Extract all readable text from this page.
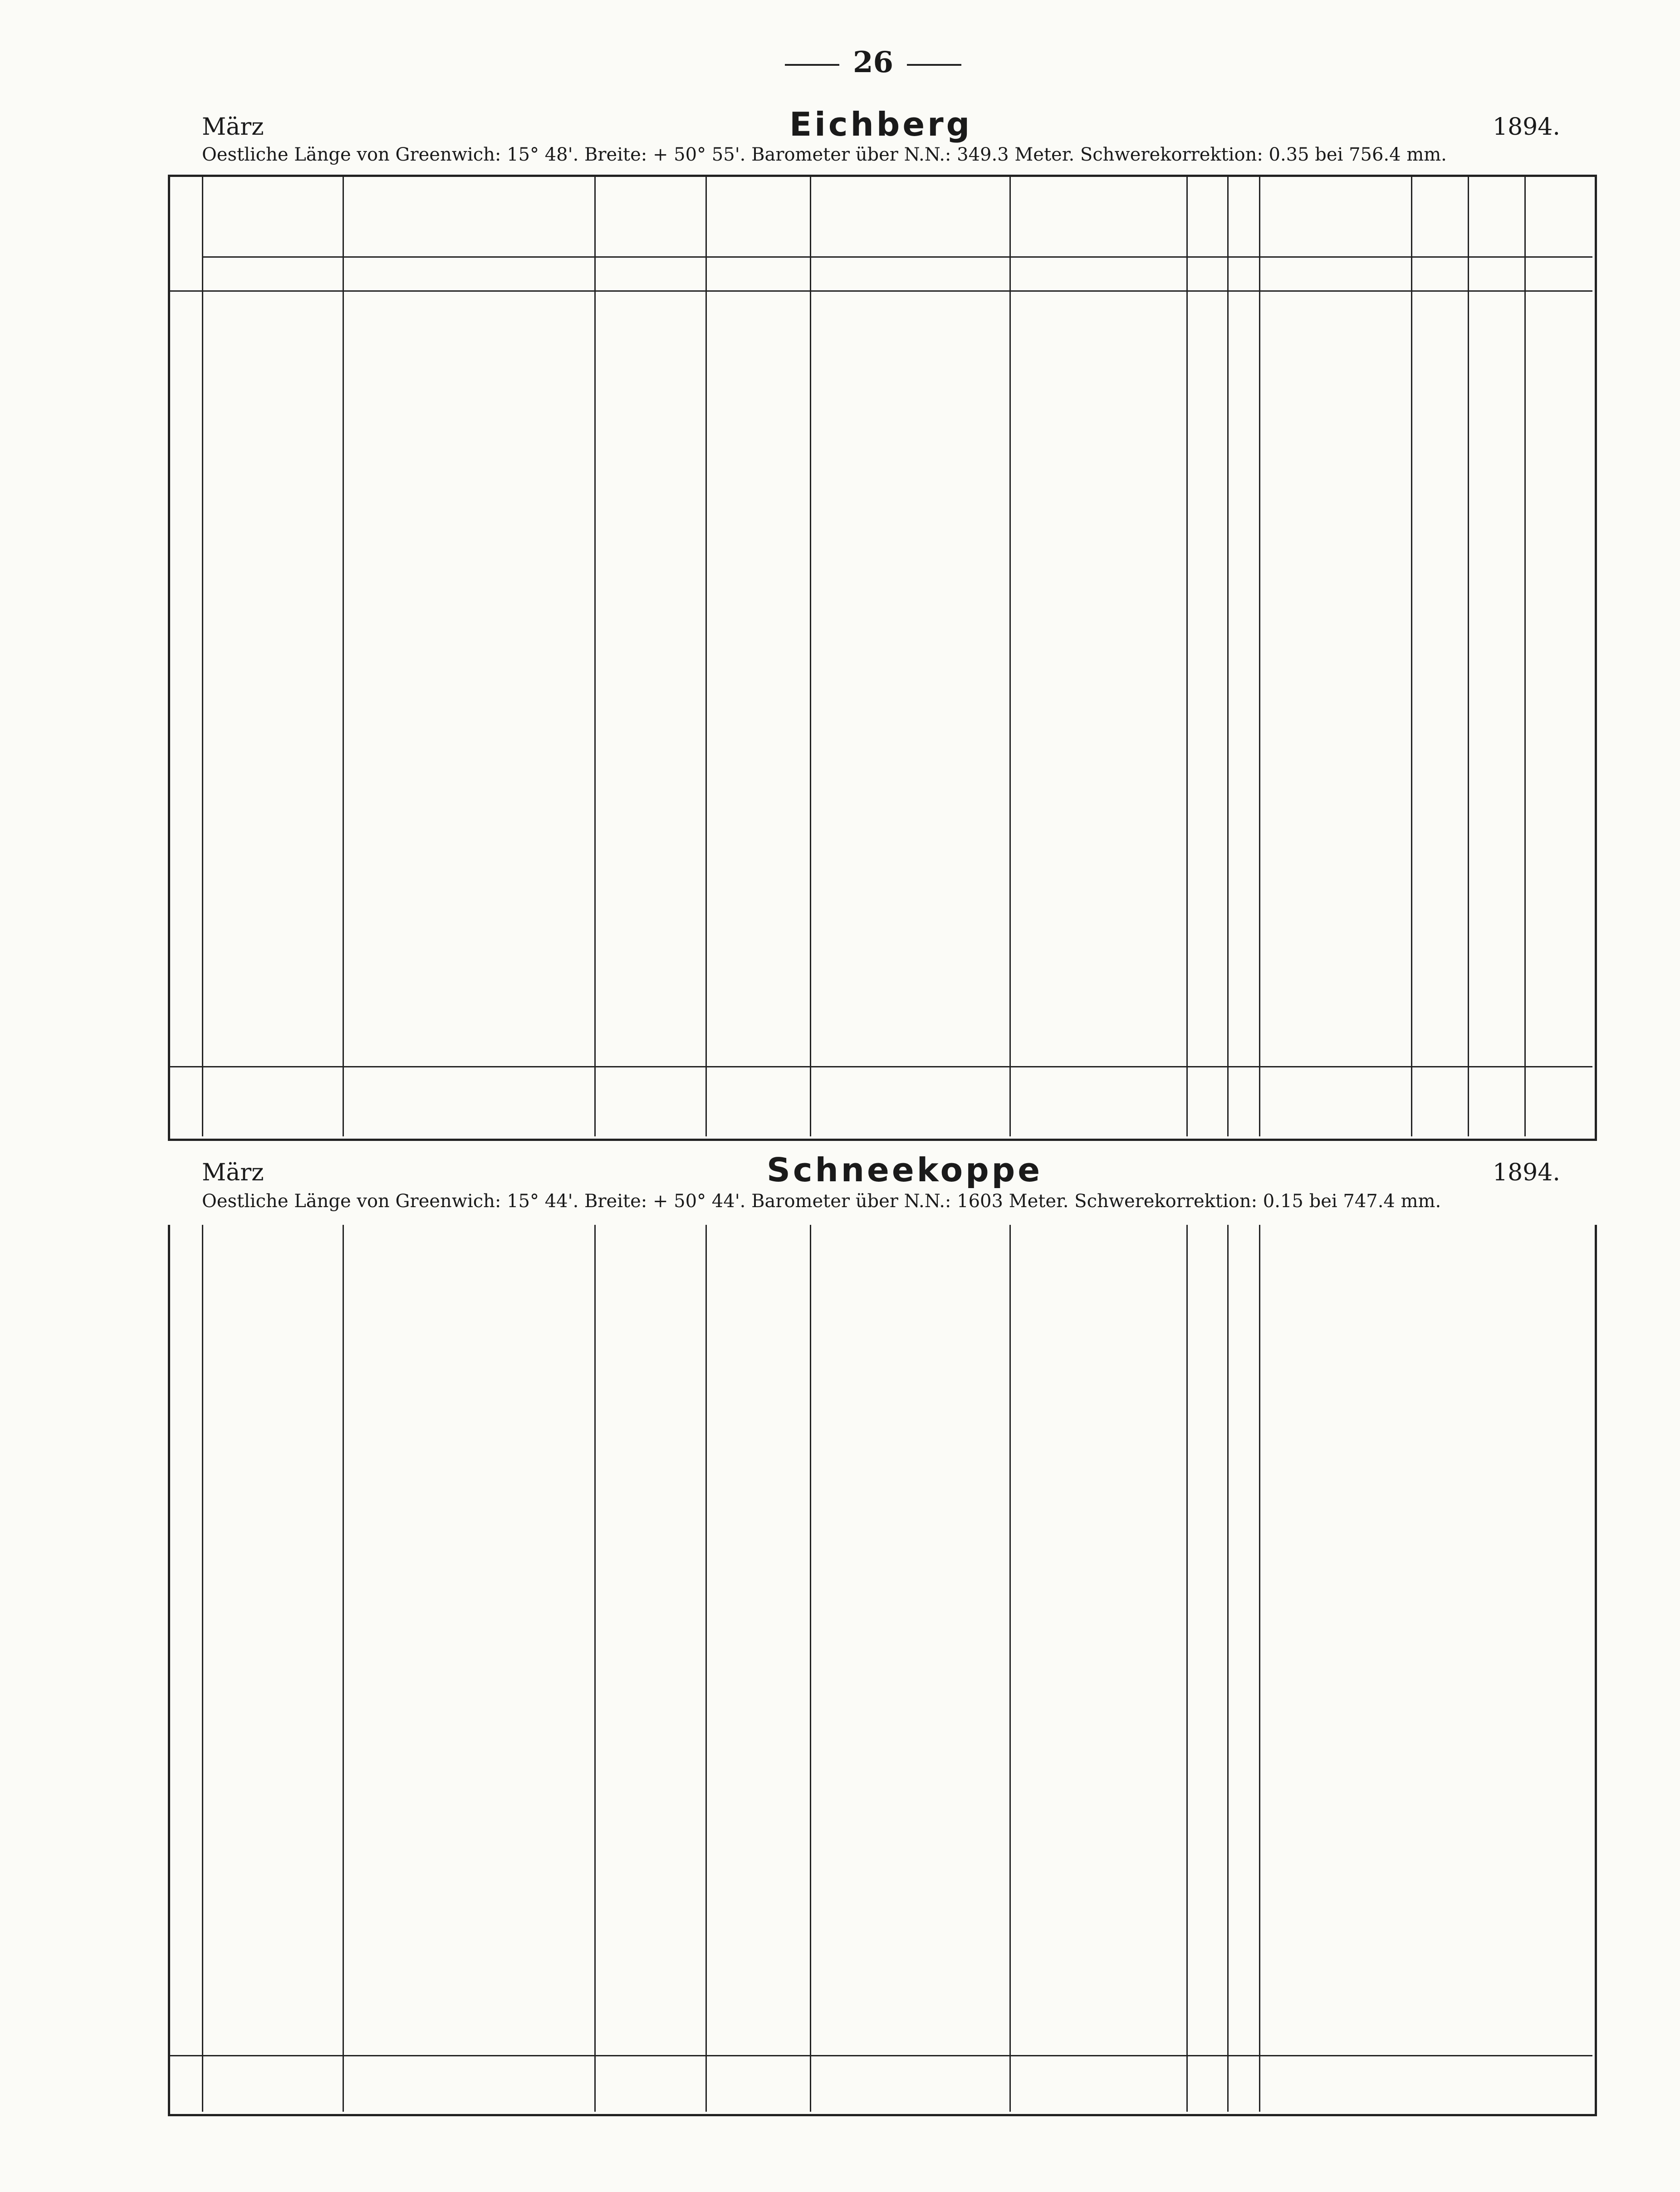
26
März	Eichberg	1894.
Oestliche Länge von Greenwich: 15° 48'. Breite: + 50° 55'. Barometer über N.N.: 349.3 Meter. Schwerekorrektion: 0.35 bei 756.4 mm.
März	Schneekoppe	1894.
Oestliche Länge von Greenwich: 15° 44'. Breite: + 50° 44'. Barometer über N.N.: 1603 Meter. Schwerekorrektion: 0.15 bei 747.4 mm.
